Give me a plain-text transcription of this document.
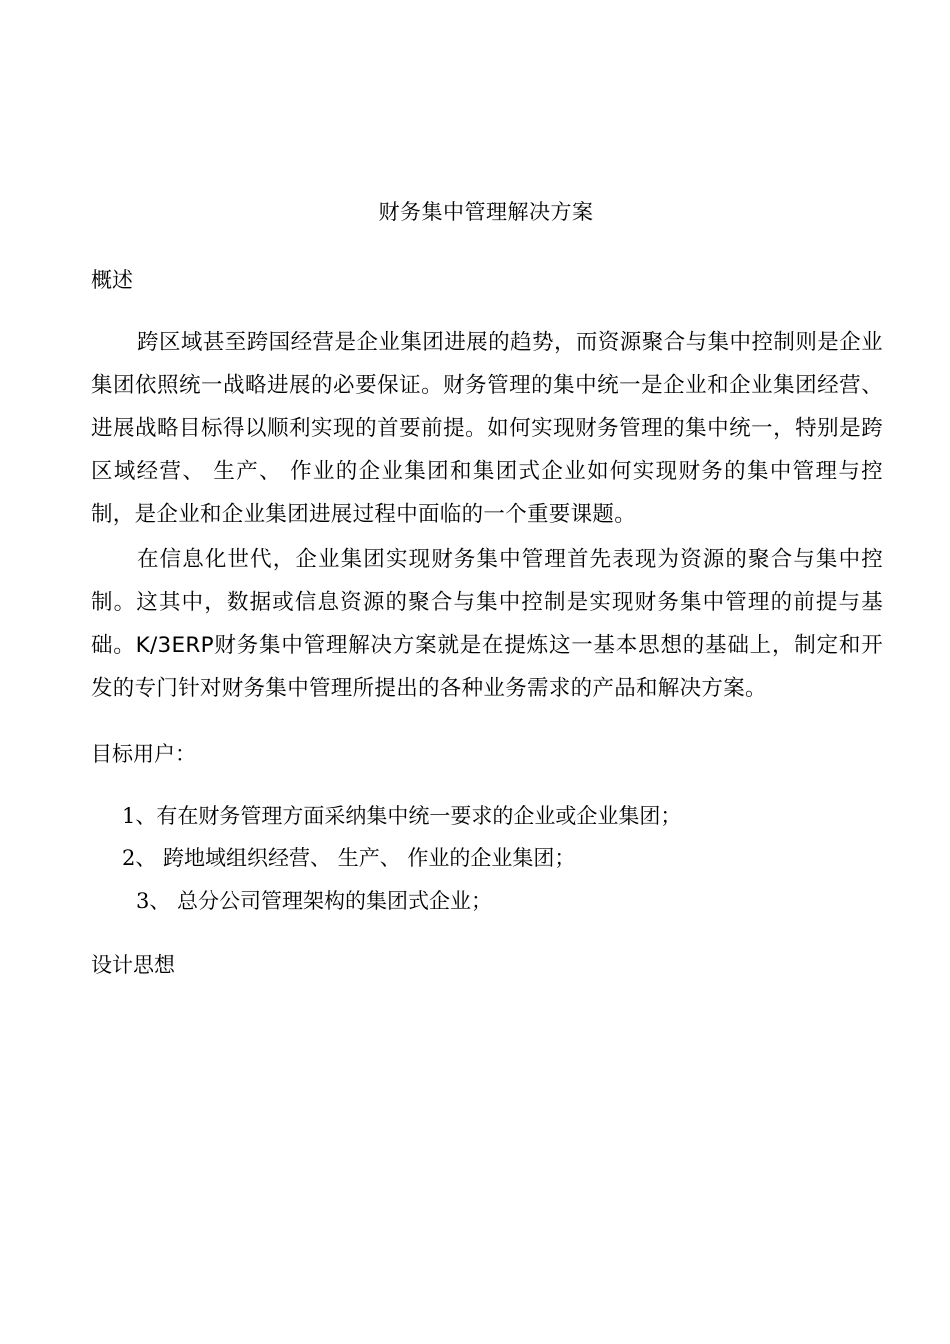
财务集中管理解决方案
概述

跨区域甚至跨国经营是企业集团进展的趋势，而资源聚合与集中控制则是企业集团依照统一战略进展的必要保证。财务管理的集中统一是企业和企业集团经营、 进展战略目标得以顺利实现的首要前提。如何实现财务管理的集中统一，特别是跨区域经营、 生产、 作业的企业集团和集团式企业如何实现财务的集中管理与控制，是企业和企业集团进展过程中面临的一个重要课题。

在信息化世代，企业集团实现财务集中管理首先表现为资源的聚合与集中控制。这其中，数据或信息资源的聚合与集中控制是实现财务集中管理的前提与基础。K/3ERP财务集中管理解决方案就是在提炼这一基本思想的基础上，制定和开发的专门针对财务集中管理所提出的各种业务需求的产品和解决方案。

目标用户：
1、有在财务管理方面采纳集中统一要求的企业或企业集团；
2、 跨地域组织经营、 生产、 作业的企业集团；
3、 总分公司管理架构的集团式企业；
设计思想
